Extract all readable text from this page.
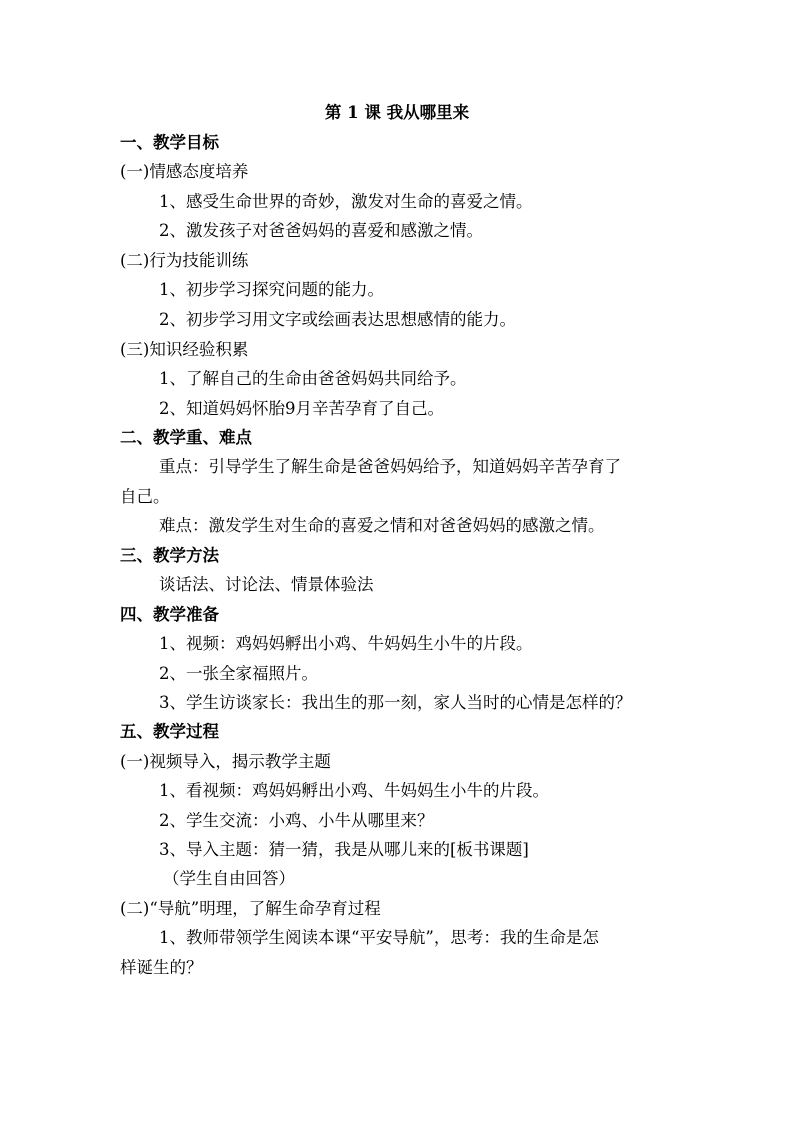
第 1 课 我从哪里来
一、教学目标
(一)情感态度培养
1、感受生命世界的奇妙，激发对生命的喜爱之情。
2、激发孩子对爸爸妈妈的喜爱和感激之情。
(二)行为技能训练
1、初步学习探究问题的能力。
2、初步学习用文字或绘画表达思想感情的能力。
(三)知识经验积累
1、了解自己的生命由爸爸妈妈共同给予。
2、知道妈妈怀胎9月辛苦孕育了自己。
二、教学重、难点
重点：引导学生了解生命是爸爸妈妈给予，知道妈妈辛苦孕育了
自己。
难点：激发学生对生命的喜爱之情和对爸爸妈妈的感激之情。
三、教学方法
谈话法、讨论法、情景体验法
四、教学准备
1、视频：鸡妈妈孵出小鸡、牛妈妈生小牛的片段。
2、一张全家福照片。
3、学生访谈家长：我出生的那一刻，家人当时的心情是怎样的？
五、教学过程
(一)视频导入，揭示教学主题
1、看视频：鸡妈妈孵出小鸡、牛妈妈生小牛的片段。
2、学生交流：小鸡、小牛从哪里来？
3、导入主题：猜一猜，我是从哪儿来的[板书课题]
（学生自由回答）
(二)“导航”明理，了解生命孕育过程
1、教师带领学生阅读本课“平安导航”，思考：我的生命是怎
样诞生的？
